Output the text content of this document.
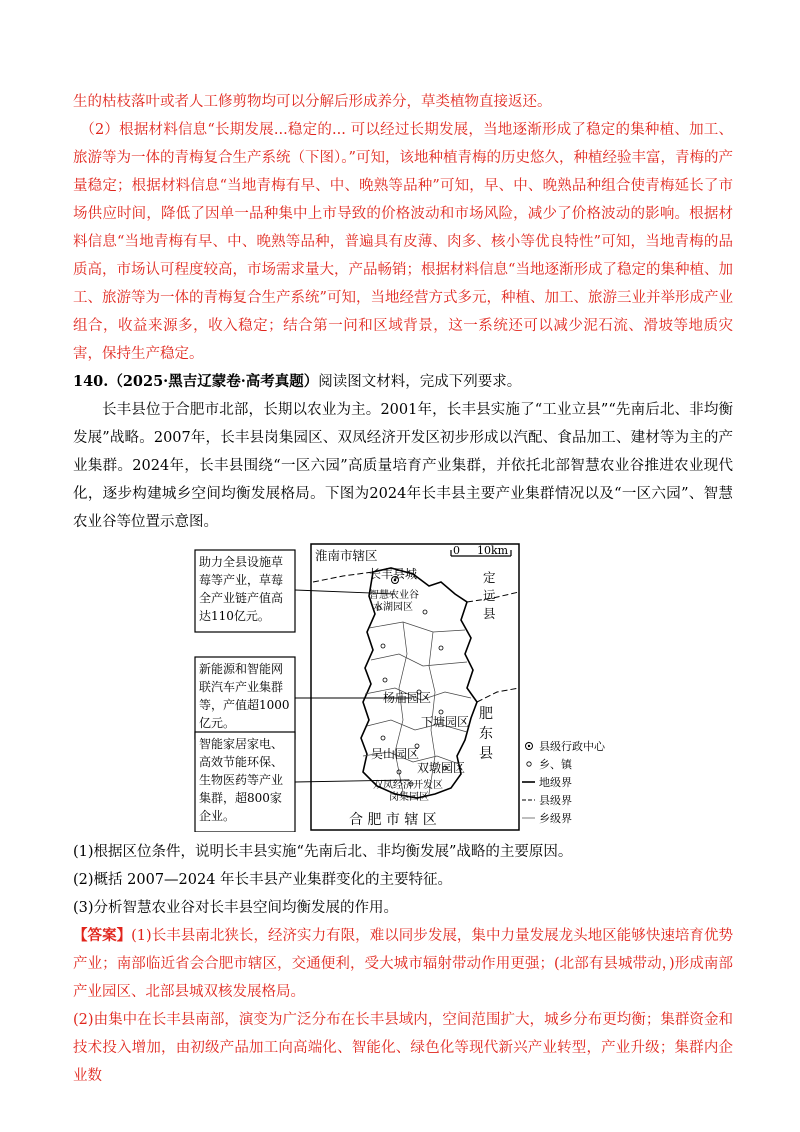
生的枯枝落叶或者人工修剪物均可以分解后形成养分，草类植物直接返还。

（2）根据材料信息“长期发展...稳定的... 可以经过长期发展，当地逐渐形成了稳定的集种植、加工、旅游等为一体的青梅复合生产系统（下图）。”可知，该地种植青梅的历史悠久，种植经验丰富，青梅的产量稳定；根据材料信息“当地青梅有早、中、晚熟等品种”可知，早、中、晚熟品种组合使青梅延长了市场供应时间，降低了因单一品种集中上市导致的价格波动和市场风险，减少了价格波动的影响。根据材料信息“当地青梅有早、中、晚熟等品种，普遍具有皮薄、肉多、核小等优良特性”可知，当地青梅的品质高，市场认可程度较高，市场需求量大，产品畅销；根据材料信息“当地逐渐形成了稳定的集种植、加工、旅游等为一体的青梅复合生产系统”可知，当地经营方式多元，种植、加工、旅游三业并举形成产业组合，收益来源多，收入稳定；结合第一问和区域背景，这一系统还可以减少泥石流、滑坡等地质灾害，保持生产稳定。

140.（2025·黑吉辽蒙卷·高考真题）阅读图文材料，完成下列要求。

长丰县位于合肥市北部，长期以农业为主。2001年，长丰县实施了“工业立县”“先南后北、非均衡发展”战略。2007年，长丰县岗集园区、双凤经济开发区初步形成以汽配、食品加工、建材等为主的产业集群。2024年，长丰县围绕“一区六园”高质量培育产业集群，并依托北部智慧农业谷推进农业现代化，逐步构建城乡空间均衡发展格局。下图为2024年长丰县主要产业集群情况以及“一区六园”、智慧农业谷等位置示意图。

助力全县设施草
莓等产业，草莓
全产业链产值高
达110亿元。
新能源和智能网
联汽车产业集群
等，产值超1000
亿元。
智能家居家电、
高效节能环保、
生物医药等产业
集群，超800家
企业。
淮南市辖区
合 肥 市 辖 区
定
远
县
肥
东
县
0 10km
长丰县城
智慧农业谷
水湖园区
杨庙园区
下塘园区
吴山园区
双墩园区
双凤经济开发区
岗集园区
县级行政中心
乡、镇
地级界
县级界
乡级界

(1)根据区位条件，说明长丰县实施“先南后北、非均衡发展”战略的主要原因。

(2)概括 2007—2024 年长丰县产业集群变化的主要特征。

(3)分析智慧农业谷对长丰县空间均衡发展的作用。

【答案】(1)长丰县南北狭长，经济实力有限，难以同步发展，集中力量发展龙头地区能够快速培育优势产业；南部临近省会合肥市辖区，交通便利，受大城市辐射带动作用更强；(北部有县城带动，)形成南部产业园区、北部县城双核发展格局。

(2)由集中在长丰县南部，演变为广泛分布在长丰县域内，空间范围扩大，城乡分布更均衡；集群资金和技术投入增加，由初级产品加工向高端化、智能化、绿色化等现代新兴产业转型，产业升级；集群内企业数
